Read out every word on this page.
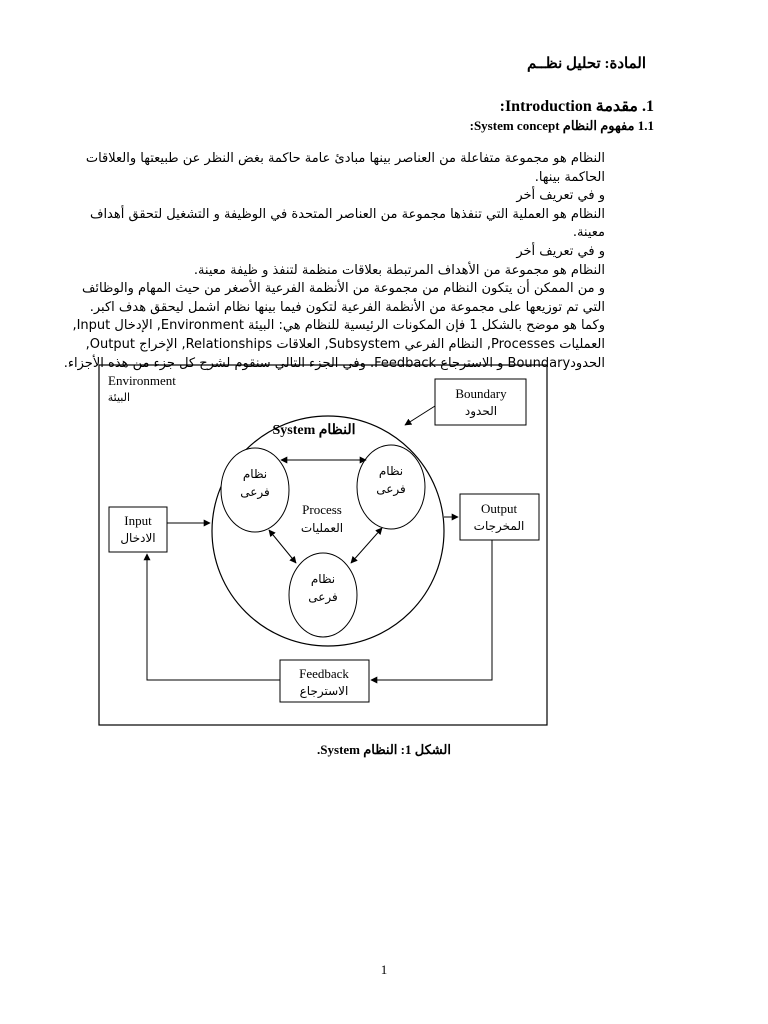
المادة: تحليل نظــم
1. مقدمة Introduction:
1.1 مفهوم النظام System concept:

النظام هو مجموعة متفاعلة من العناصر بينها مبادئ عامة حاكمة بغض النظر عن طبيعتها والعلاقات الحاكمة بينها.

و في تعريف أخر

النظام هو العملية التي تنفذها مجموعة من العناصر المتحدة في الوظيفة و التشغيل لتحقق أهداف معينة.

و في تعريف أخر

النظام هو مجموعة من الأهداف المرتبطة بعلاقات منظمة لتنفذ و ظيفة معينة.

و من الممكن أن يتكون النظام من مجموعة من الأنظمة الفرعية الأصغر من حيث المهام والوظائف التي تم توزيعها على مجموعة من الأنظمة الفرعية لتكون فيما بينها نظام اشمل ليحقق هدف اكبر.

وكما هو موضح بالشكل 1 فإن المكونات الرئيسية للنظام هي: البيئة Environment, الإدخال Input, العمليات Processes, النظام الفرعي Subsystem, العلاقات Relationships, الإخراج Output, الحدودBoundary و الاسترجاع Feedback. وفي الجزء التالي سنقوم لشرح كل جزء من هذه الأجزاء.

Environment
البيئة	Boundary
الحدود
System النظام
نظام
فرعى
نظام
فرعى
نظام
فرعى
Process
العمليات
Input
الادخال
Output
المخرجات
Feedback
الاسترجاع
الشكل 1: النظام System.
1
